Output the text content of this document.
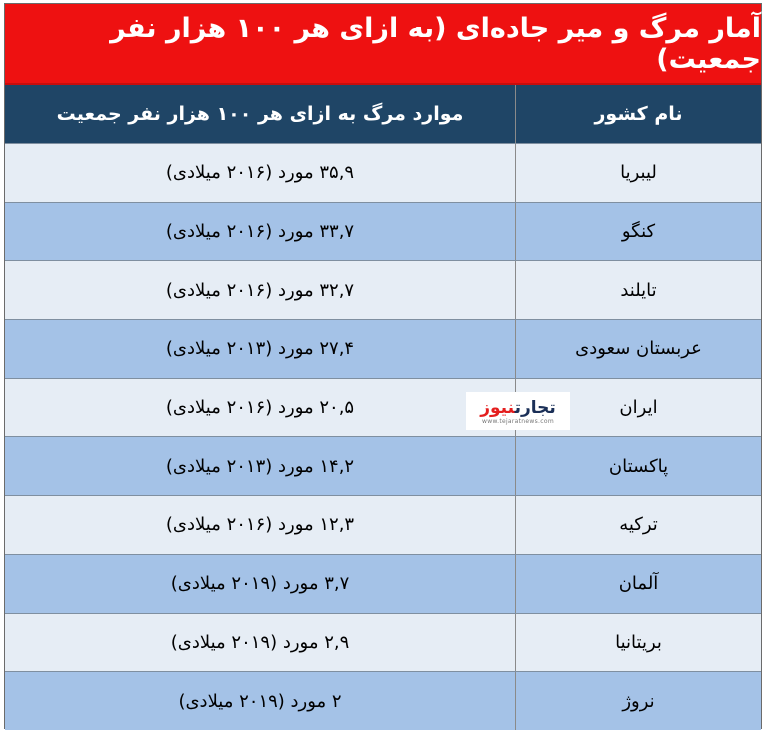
آمار مرگ و میر جاده‌ای (به ازای هر ۱۰۰ هزار نفر جمعیت)
نام کشور
موارد مرگ به ازای هر ۱۰۰ هزار نفر جمعیت
لیبریا
۳۵,۹ مورد (۲۰۱۶ میلادی)
کنگو
۳۳,۷ مورد (۲۰۱۶ میلادی)
تایلند
۳۲,۷ مورد (۲۰۱۶ میلادی)
عربستان سعودی
۲۷,۴ مورد (۲۰۱۳ میلادی)
ایران
۲۰,۵ مورد (۲۰۱۶ میلادی)
پاکستان
۱۴,۲ مورد (۲۰۱۳ میلادی)
ترکیه
۱۲,۳ مورد (۲۰۱۶ میلادی)
آلمان
۳,۷ مورد (۲۰۱۹ میلادی)
بریتانیا
۲,۹ مورد (۲۰۱۹ میلادی)
نروژ
۲ مورد (۲۰۱۹ میلادی)
تجارتنیوز
www.tejaratnews.com
